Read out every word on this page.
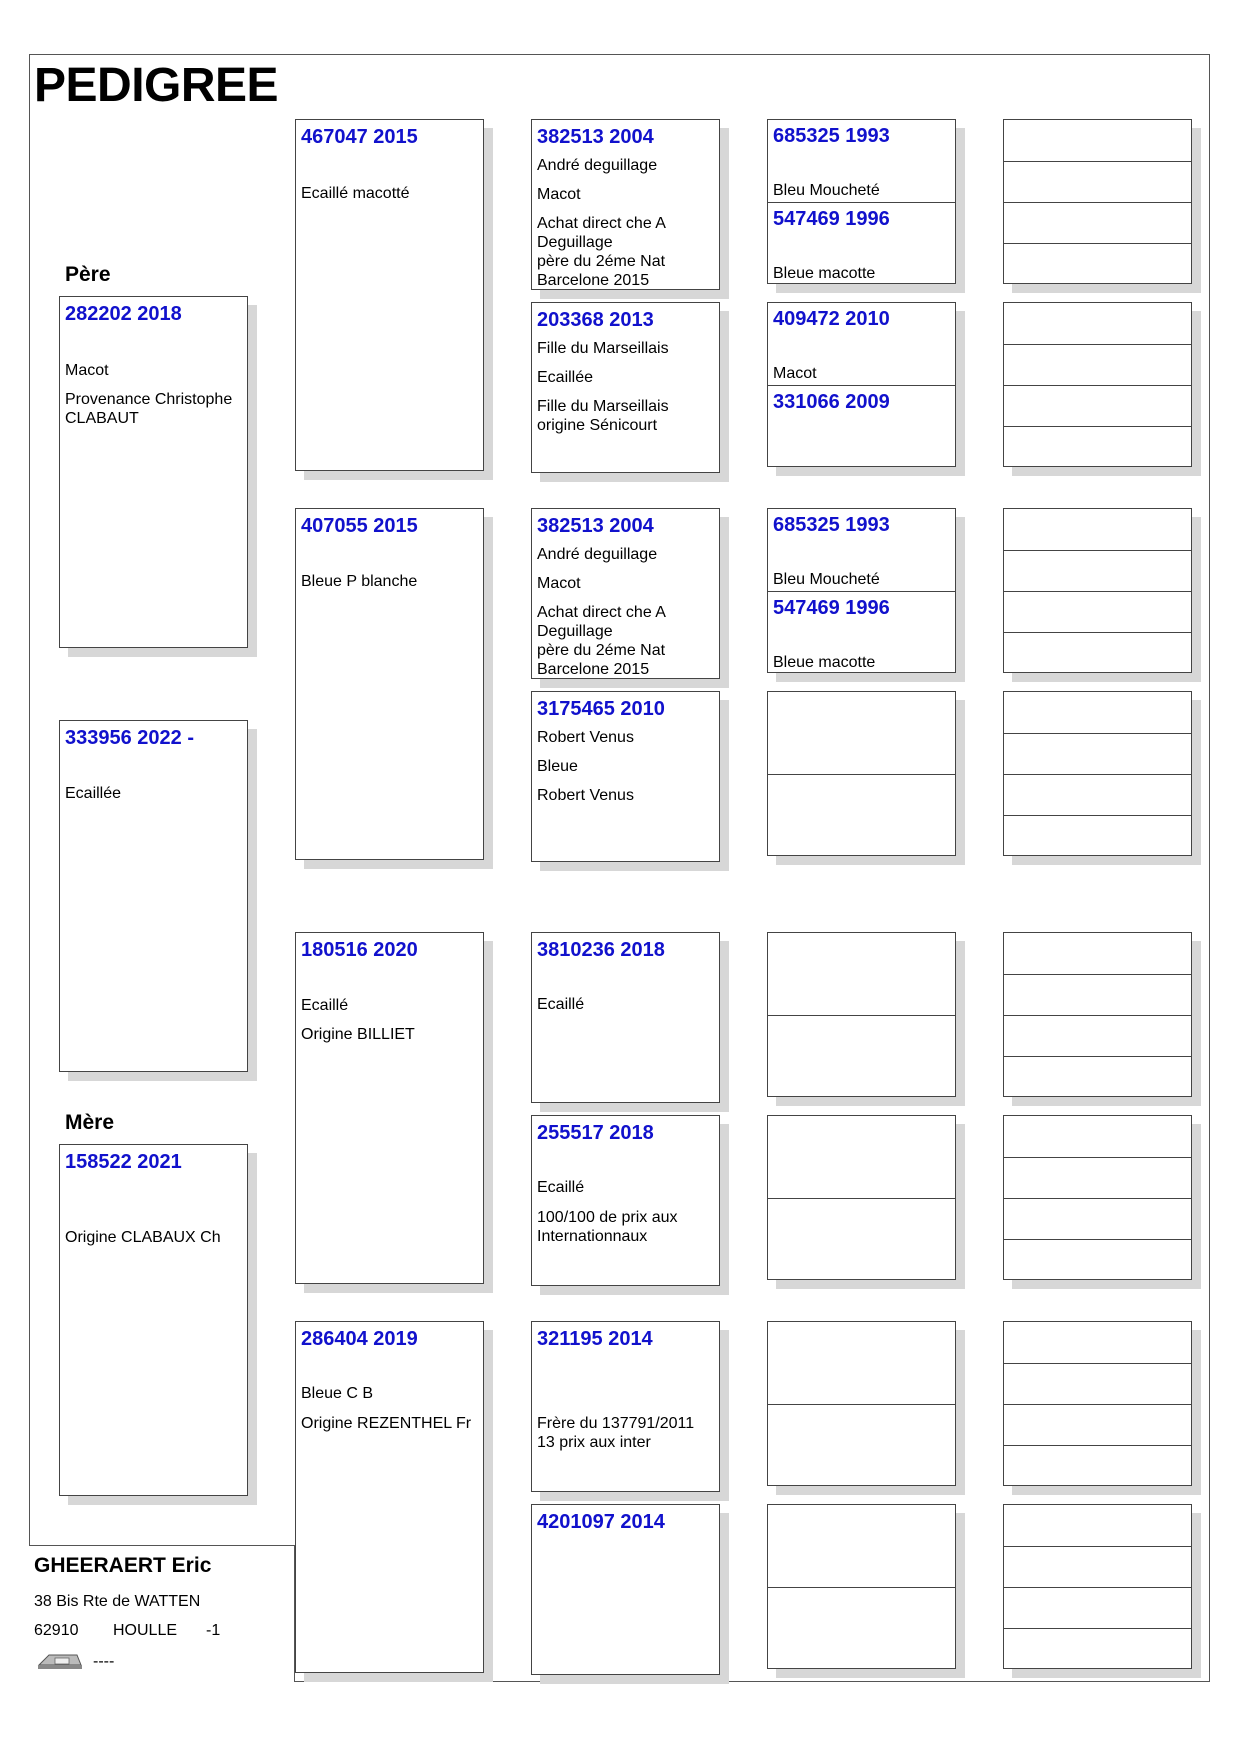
PEDIGREE
Père
Mère
282202 2018
Macot
Provenance Christophe
CLABAUT
333956 2022 -
Ecaillée
158522 2021
Origine CLABAUX Ch
467047 2015
Ecaillé macotté
407055 2015
Bleue P blanche
180516 2020
Ecaillé
Origine BILLIET
286404 2019
Bleue C B
Origine REZENTHEL Fr
382513 2004
André deguillage
Macot
Achat direct che A
Deguillage
père du 2éme Nat
Barcelone 2015
203368 2013
Fille du Marseillais
Ecaillée
Fille du Marseillais
origine Sénicourt
382513 2004
André deguillage
Macot
Achat direct che A
Deguillage
père du 2éme Nat
Barcelone 2015
3175465 2010
Robert Venus
Bleue
Robert Venus
3810236 2018
Ecaillé
255517 2018
Ecaillé
100/100 de prix aux
Internationnaux
321195 2014
Frère du 137791/2011
13 prix aux inter
4201097 2014
685325 1993
Bleu Moucheté
547469 1996
Bleue macotte
409472 2010
Macot
331066 2009
685325 1993
Bleu Moucheté
547469 1996
Bleue macotte
GHEERAERT Eric
38 Bis Rte de WATTEN
62910 HOULLE -1
----
